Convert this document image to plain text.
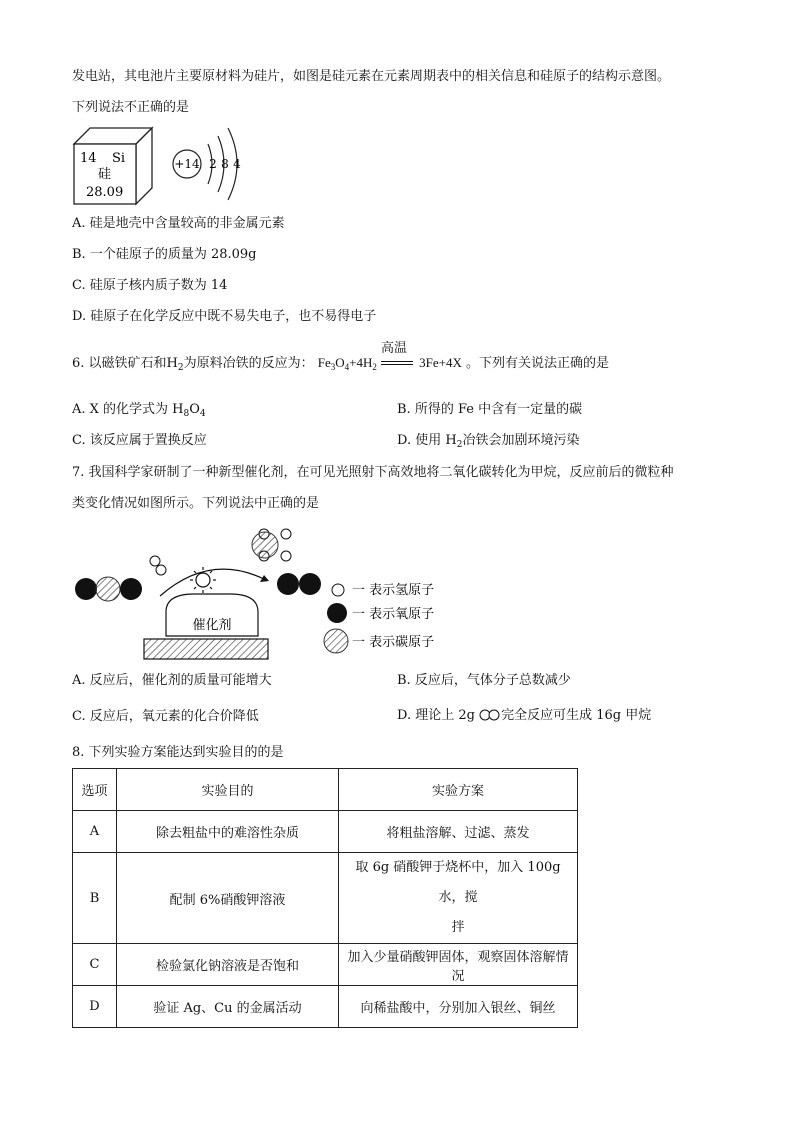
发电站，其电池片主要原材料为硅片，如图是硅元素在元素周期表中的相关信息和硅原子的结构示意图。
下列说法不正确的是
14 Si
硅
28.09
+14 2 8 4
A. 硅是地壳中含量较高的非金属元素
B. 一个硅原子的质量为 28.09g
C. 硅原子核内质子数为 14
D. 硅原子在化学反应中既不易失电子，也不易得电子
6. 以磁铁矿石和$H_2$为原料冶铁的反应为： $Fe_3O_4+4H_2$
高温
3Fe+4X 。下列有关说法正确的是
A. X 的化学式为 $H_8O_4$	B. 所得的 Fe 中含有一定量的碳
C. 该反应属于置换反应	D. 使用 $H_2$冶铁会加剧环境污染
7. 我国科学家研制了一种新型催化剂，在可见光照射下高效地将二氧化碳转化为甲烷，反应前后的微粒种
类变化情况如图所示。下列说法中正确的是
催化剂
一 表示氢原子
一 表示氧原子
一 表示碳原子
A. 反应后，催化剂的质量可能增大	B. 反应后，气体分子总数减少
C. 反应后，氧元素的化合价降低	D. 理论上 2g 完全反应可生成 16g 甲烷
8. 下列实验方案能达到实验目的的是
选项	实验目的	实验方案
A	除去粗盐中的难溶性杂质	将粗盐溶解、过滤、蒸发
B	配制 6%硝酸钾溶液	取 6g 硝酸钾于烧杯中，加入 100g 水，搅
拌

C	检验氯化钠溶液是否饱和	加入少量硝酸钾固体，观察固体溶解情况
D	验证 Ag、Cu 的金属活动	向稀盐酸中，分别加入银丝、铜丝
